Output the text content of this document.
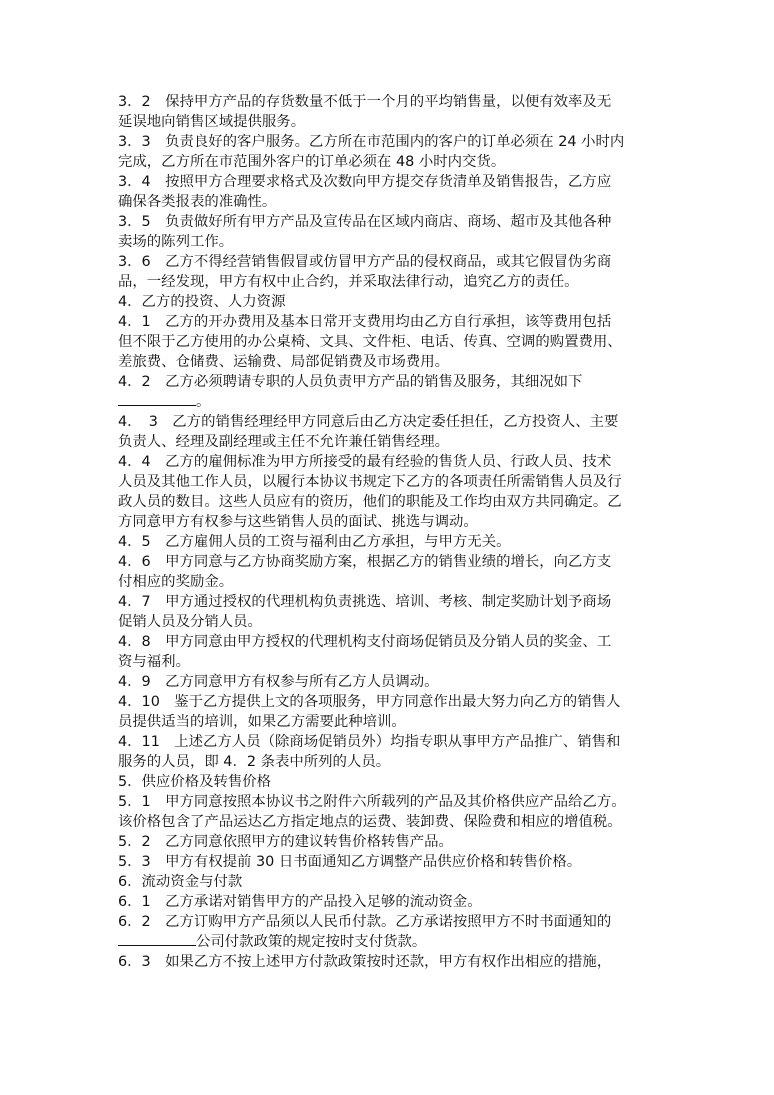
3．2　保持甲方产品的存货数量不低于一个月的平均销售量，以便有效率及无
延误地向销售区域提供服务。
3．3　负责良好的客户服务。乙方所在市范围内的客户的订单必须在 24 小时内
完成，乙方所在市范围外客户的订单必须在 48 小时内交货。
3．4　按照甲方合理要求格式及次数向甲方提交存货清单及销售报告，乙方应
确保各类报表的准确性。
3．5　负责做好所有甲方产品及宣传品在区域内商店、商场、超市及其他各种
卖场的陈列工作。
3．6　乙方不得经营销售假冒或仿冒甲方产品的侵权商品，或其它假冒伪劣商
品，一经发现，甲方有权中止合约，并采取法律行动，追究乙方的责任。
4．乙方的投资、人力资源
4．1　乙方的开办费用及基本日常开支费用均由乙方自行承担，该等费用包括
但不限于乙方使用的办公桌椅、文具、文件柜、电话、传真、空调的购置费用、
差旅费、仓储费、运输费、局部促销费及市场费用。
4．2　乙方必须聘请专职的人员负责甲方产品的销售及服务，其细况如下
。
4．　3　乙方的销售经理经甲方同意后由乙方决定委任担任，乙方投资人、主要
负责人、经理及副经理或主任不允许兼任销售经理。
4．4　乙方的雇佣标准为甲方所接受的最有经验的售货人员、行政人员、技术
人员及其他工作人员，以履行本协议书规定下乙方的各项责任所需销售人员及行
政人员的数目。这些人员应有的资历，他们的职能及工作均由双方共同确定。乙
方同意甲方有权参与这些销售人员的面试、挑选与调动。
4．5　乙方雇佣人员的工资与福利由乙方承担，与甲方无关。
4．6　甲方同意与乙方协商奖励方案，根据乙方的销售业绩的增长，向乙方支
付相应的奖励金。
4．7　甲方通过授权的代理机构负责挑选、培训、考核、制定奖励计划予商场
促销人员及分销人员。
4．8　甲方同意由甲方授权的代理机构支付商场促销员及分销人员的奖金、工
资与福利。
4．9　乙方同意甲方有权参与所有乙方人员调动。
4．10　鉴于乙方提供上文的各项服务，甲方同意作出最大努力向乙方的销售人
员提供适当的培训，如果乙方需要此种培训。
4．11　上述乙方人员（除商场促销员外）均指专职从事甲方产品推广、销售和
服务的人员，即 4．2 条表中所列的人员。
5．供应价格及转售价格
5．1　甲方同意按照本协议书之附件六所载列的产品及其价格供应产品给乙方。
该价格包含了产品运达乙方指定地点的运费、装卸费、保险费和相应的增值税。
5．2　乙方同意依照甲方的建议转售价格转售产品。
5．3　甲方有权提前 30 日书面通知乙方调整产品供应价格和转售价格。
6．流动资金与付款
6．1　乙方承诺对销售甲方的产品投入足够的流动资金。
6．2　乙方订购甲方产品须以人民币付款。乙方承诺按照甲方不时书面通知的
公司付款政策的规定按时支付货款。
6．3　如果乙方不按上述甲方付款政策按时还款，甲方有权作出相应的措施，
